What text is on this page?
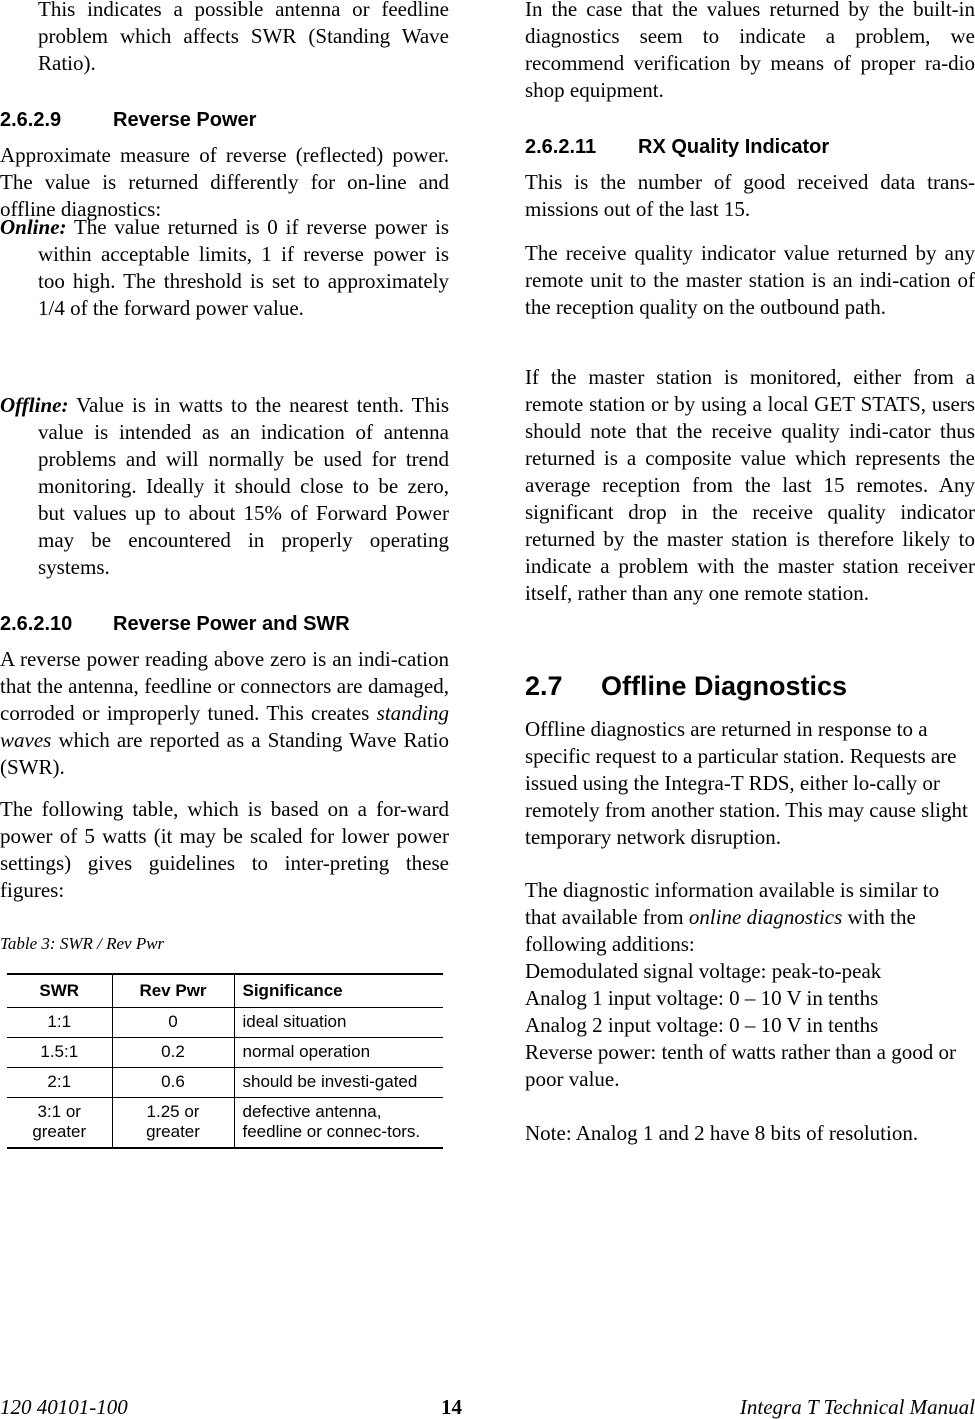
This indicates a possible antenna or feedline problem which affects SWR (Standing Wave Ratio).

2.6.2.9	Reverse Power

Approximate measure of reverse (reflected) power. The value is returned differently for on-line and offline diagnostics:

Online: The value returned is 0 if reverse power is within acceptable limits, 1 if reverse power is too high. The threshold is set to approximately 1/4 of the forward power value.

Offline: Value is in watts to the nearest tenth. This value is intended as an indication of antenna problems and will normally be used for trend monitoring. Ideally it should close to be zero, but values up to about 15% of Forward Power may be encountered in properly operating systems.

2.6.2.10	Reverse Power and SWR

A reverse power reading above zero is an indi-cation that the antenna, feedline or connectors are damaged, corroded or improperly tuned. This creates standing waves which are reported as a Standing Wave Ratio (SWR).

The following table, which is based on a for-ward power of 5 watts (it may be scaled for lower power settings) gives guidelines to inter-preting these figures:

Table 3: SWR / Rev Pwr
SWR	Rev Pwr	Significance
1:1	0	ideal situation
1.5:1	0.2	normal operation
2:1	0.6	should be investi-gated
3:1 or greater	1.25 or greater	defective antenna, feedline or connec-tors.

In the case that the values returned by the built-in diagnostics seem to indicate a problem, we recommend verification by means of proper ra-dio shop equipment.

2.6.2.11	RX Quality Indicator

This is the number of good received data trans-missions out of the last 15.

The receive quality indicator value returned by any remote unit to the master station is an indi-cation of the reception quality on the outbound path.

If the master station is monitored, either from a remote station or by using a local GET STATS, users should note that the receive quality indi-cator thus returned is a composite value which represents the average reception from the last 15 remotes. Any significant drop in the receive quality indicator returned by the master station is therefore likely to indicate a problem with the master station receiver itself, rather than any one remote station.

2.7	Offline Diagnostics

Offline diagnostics are returned in response to a specific request to a particular station. Requests are issued using the Integra-T RDS, either lo-cally or remotely from another station. This may cause slight temporary network disruption.

The diagnostic information available is similar to that available from online diagnostics with the following additions:

Demodulated signal voltage: peak-to-peak
Analog 1 input voltage: 0 – 10 V in tenths
Analog 2 input voltage: 0 – 10 V in tenths
Reverse power: tenth of watts rather than a good or poor value.

Note: Analog 1 and 2 have 8 bits of resolution.

120 40101-100	14	Integra T Technical Manual
